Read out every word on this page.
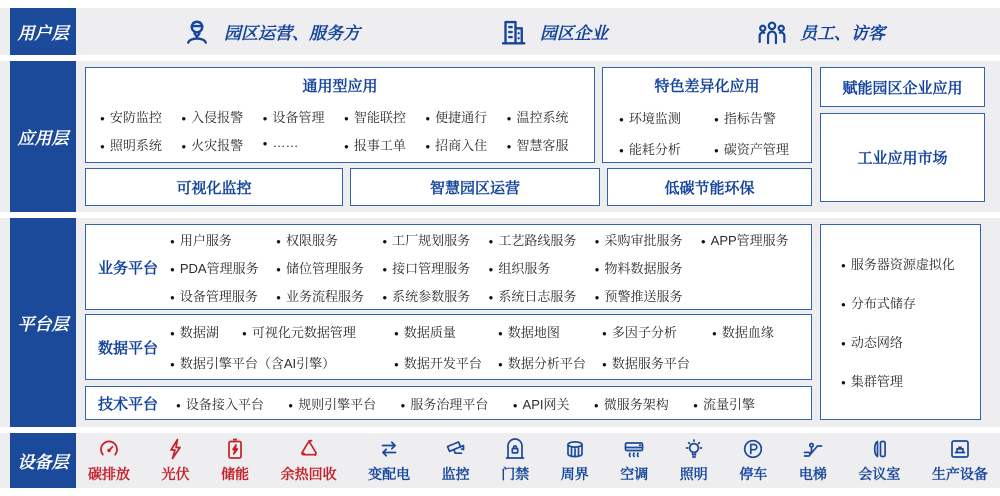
用户层	园区运营、服务方	园区企业	员工、访客
应用层
通用型应用
● 安防监控	● 入侵报警	● 设备管理	● 智能联控	● 便捷通行	● 温控系统
● 照明系统	● 火灾报警	● ……	● 报事工单	● 招商入住	● 智慧客服
特色差异化应用
● 环境监测	● 指标告警
● 能耗分析	● 碳资产管理
可视化监控	智慧园区运营	低碳节能环保
赋能园区企业应用
工业应用市场
平台层
业务平台
● 用户服务	● 权限服务	● 工厂规划服务	● 工艺路线服务	● 采购审批服务	● APP管理服务
● PDA管理服务	● 储位管理服务	● 接口管理服务	● 组织服务	● 物料数据服务
● 设备管理服务	● 业务流程服务	● 系统参数服务	● 系统日志服务	● 预警推送服务
数据平台
● 数据湖	● 可视化元数据管理	● 数据质量	● 数据地图	● 多因子分析	● 数据血缘
● 数据引擎平台（含AI引擎）	● 数据开发平台	● 数据分析平台	● 数据服务平台
技术平台	● 设备接入平台	● 规则引擎平台	● 服务治理平台	● API网关	● 微服务架构	● 流量引擎
● 服务器资源虚拟化
● 分布式储存
● 动态网络
● 集群管理
设备层
碳排放 光伏 储能 余热回收 变配电 监控 门禁 周界 空调 照明 停车 电梯 会议室 生产设备
